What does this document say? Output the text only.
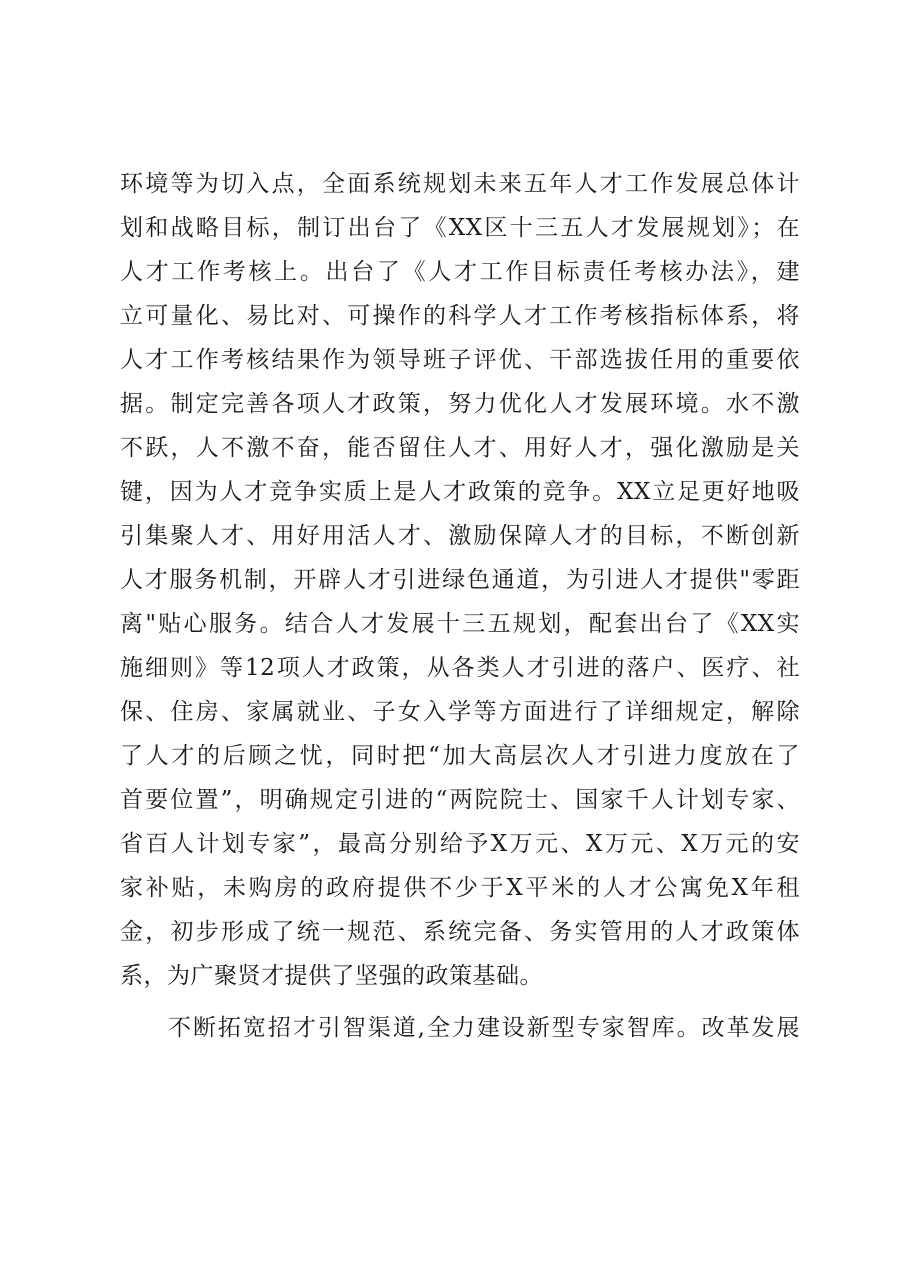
环境等为切入点，全面系统规划未来五年人才工作发展总体计
划和战略目标，制订出台了《XX区十三五人才发展规划》；在
人才工作考核上。出台了《人才工作目标责任考核办法》，建
立可量化、易比对、可操作的科学人才工作考核指标体系，将
人才工作考核结果作为领导班子评优、干部选拔任用的重要依
据。制定完善各项人才政策，努力优化人才发展环境。水不激
不跃，人不激不奋，能否留住人才、用好人才，强化激励是关
键，因为人才竞争实质上是人才政策的竞争。XX立足更好地吸
引集聚人才、用好用活人才、激励保障人才的目标，不断创新
人才服务机制，开辟人才引进绿色通道，为引进人才提供"零距
离"贴心服务。结合人才发展十三五规划，配套出台了《XX实
施细则》等12项人才政策，从各类人才引进的落户、医疗、社
保、住房、家属就业、子女入学等方面进行了详细规定，解除
了人才的后顾之忧，同时把“加大高层次人才引进力度放在了
首要位置”，明确规定引进的“两院院士、国家千人计划专家、
省百人计划专家”，最高分别给予X万元、X万元、X万元的安
家补贴，未购房的政府提供不少于X平米的人才公寓免X年租
金，初步形成了统一规范、系统完备、务实管用的人才政策体
系，为广聚贤才提供了坚强的政策基础。
不断拓宽招才引智渠道,全力建设新型专家智库。改革发展
